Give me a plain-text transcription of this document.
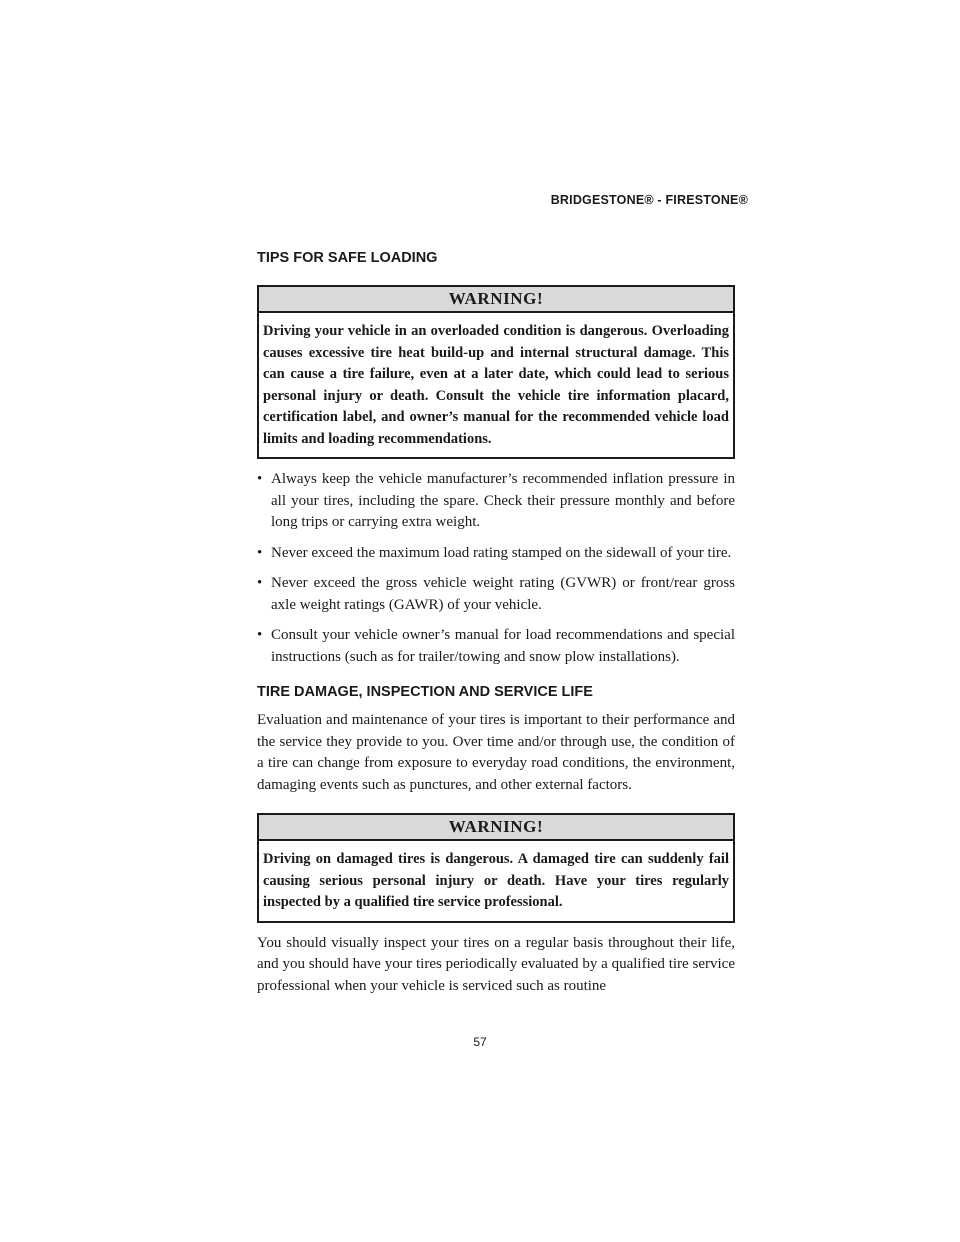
BRIDGESTONE® - FIRESTONE®
TIPS FOR SAFE LOADING
WARNING!
Driving your vehicle in an overloaded condition is dangerous. Overloading causes excessive tire heat build-up and internal structural damage. This can cause a tire failure, even at a later date, which could lead to serious personal injury or death. Consult the vehicle tire information placard, certification label, and owner’s manual for the recommended vehicle load limits and loading recommendations.
• Always keep the vehicle manufacturer’s recommended inflation pressure in all your tires, including the spare. Check their pressure monthly and before long trips or carrying extra weight.
• Never exceed the maximum load rating stamped on the sidewall of your tire.
• Never exceed the gross vehicle weight rating (GVWR) or front/rear gross axle weight ratings (GAWR) of your vehicle.
• Consult your vehicle owner’s manual for load recommendations and special instructions (such as for trailer/towing and snow plow installations).
TIRE DAMAGE, INSPECTION AND SERVICE LIFE

Evaluation and maintenance of your tires is important to their performance and the service they provide to you. Over time and/or through use, the condition of a tire can change from exposure to everyday road conditions, the environment, damaging events such as punctures, and other external factors.

WARNING!
Driving on damaged tires is dangerous. A damaged tire can suddenly fail causing serious personal injury or death. Have your tires regularly inspected by a qualified tire service professional.

You should visually inspect your tires on a regular basis throughout their life, and you should have your tires periodically evaluated by a qualified tire service professional when your vehicle is serviced such as routine

57
